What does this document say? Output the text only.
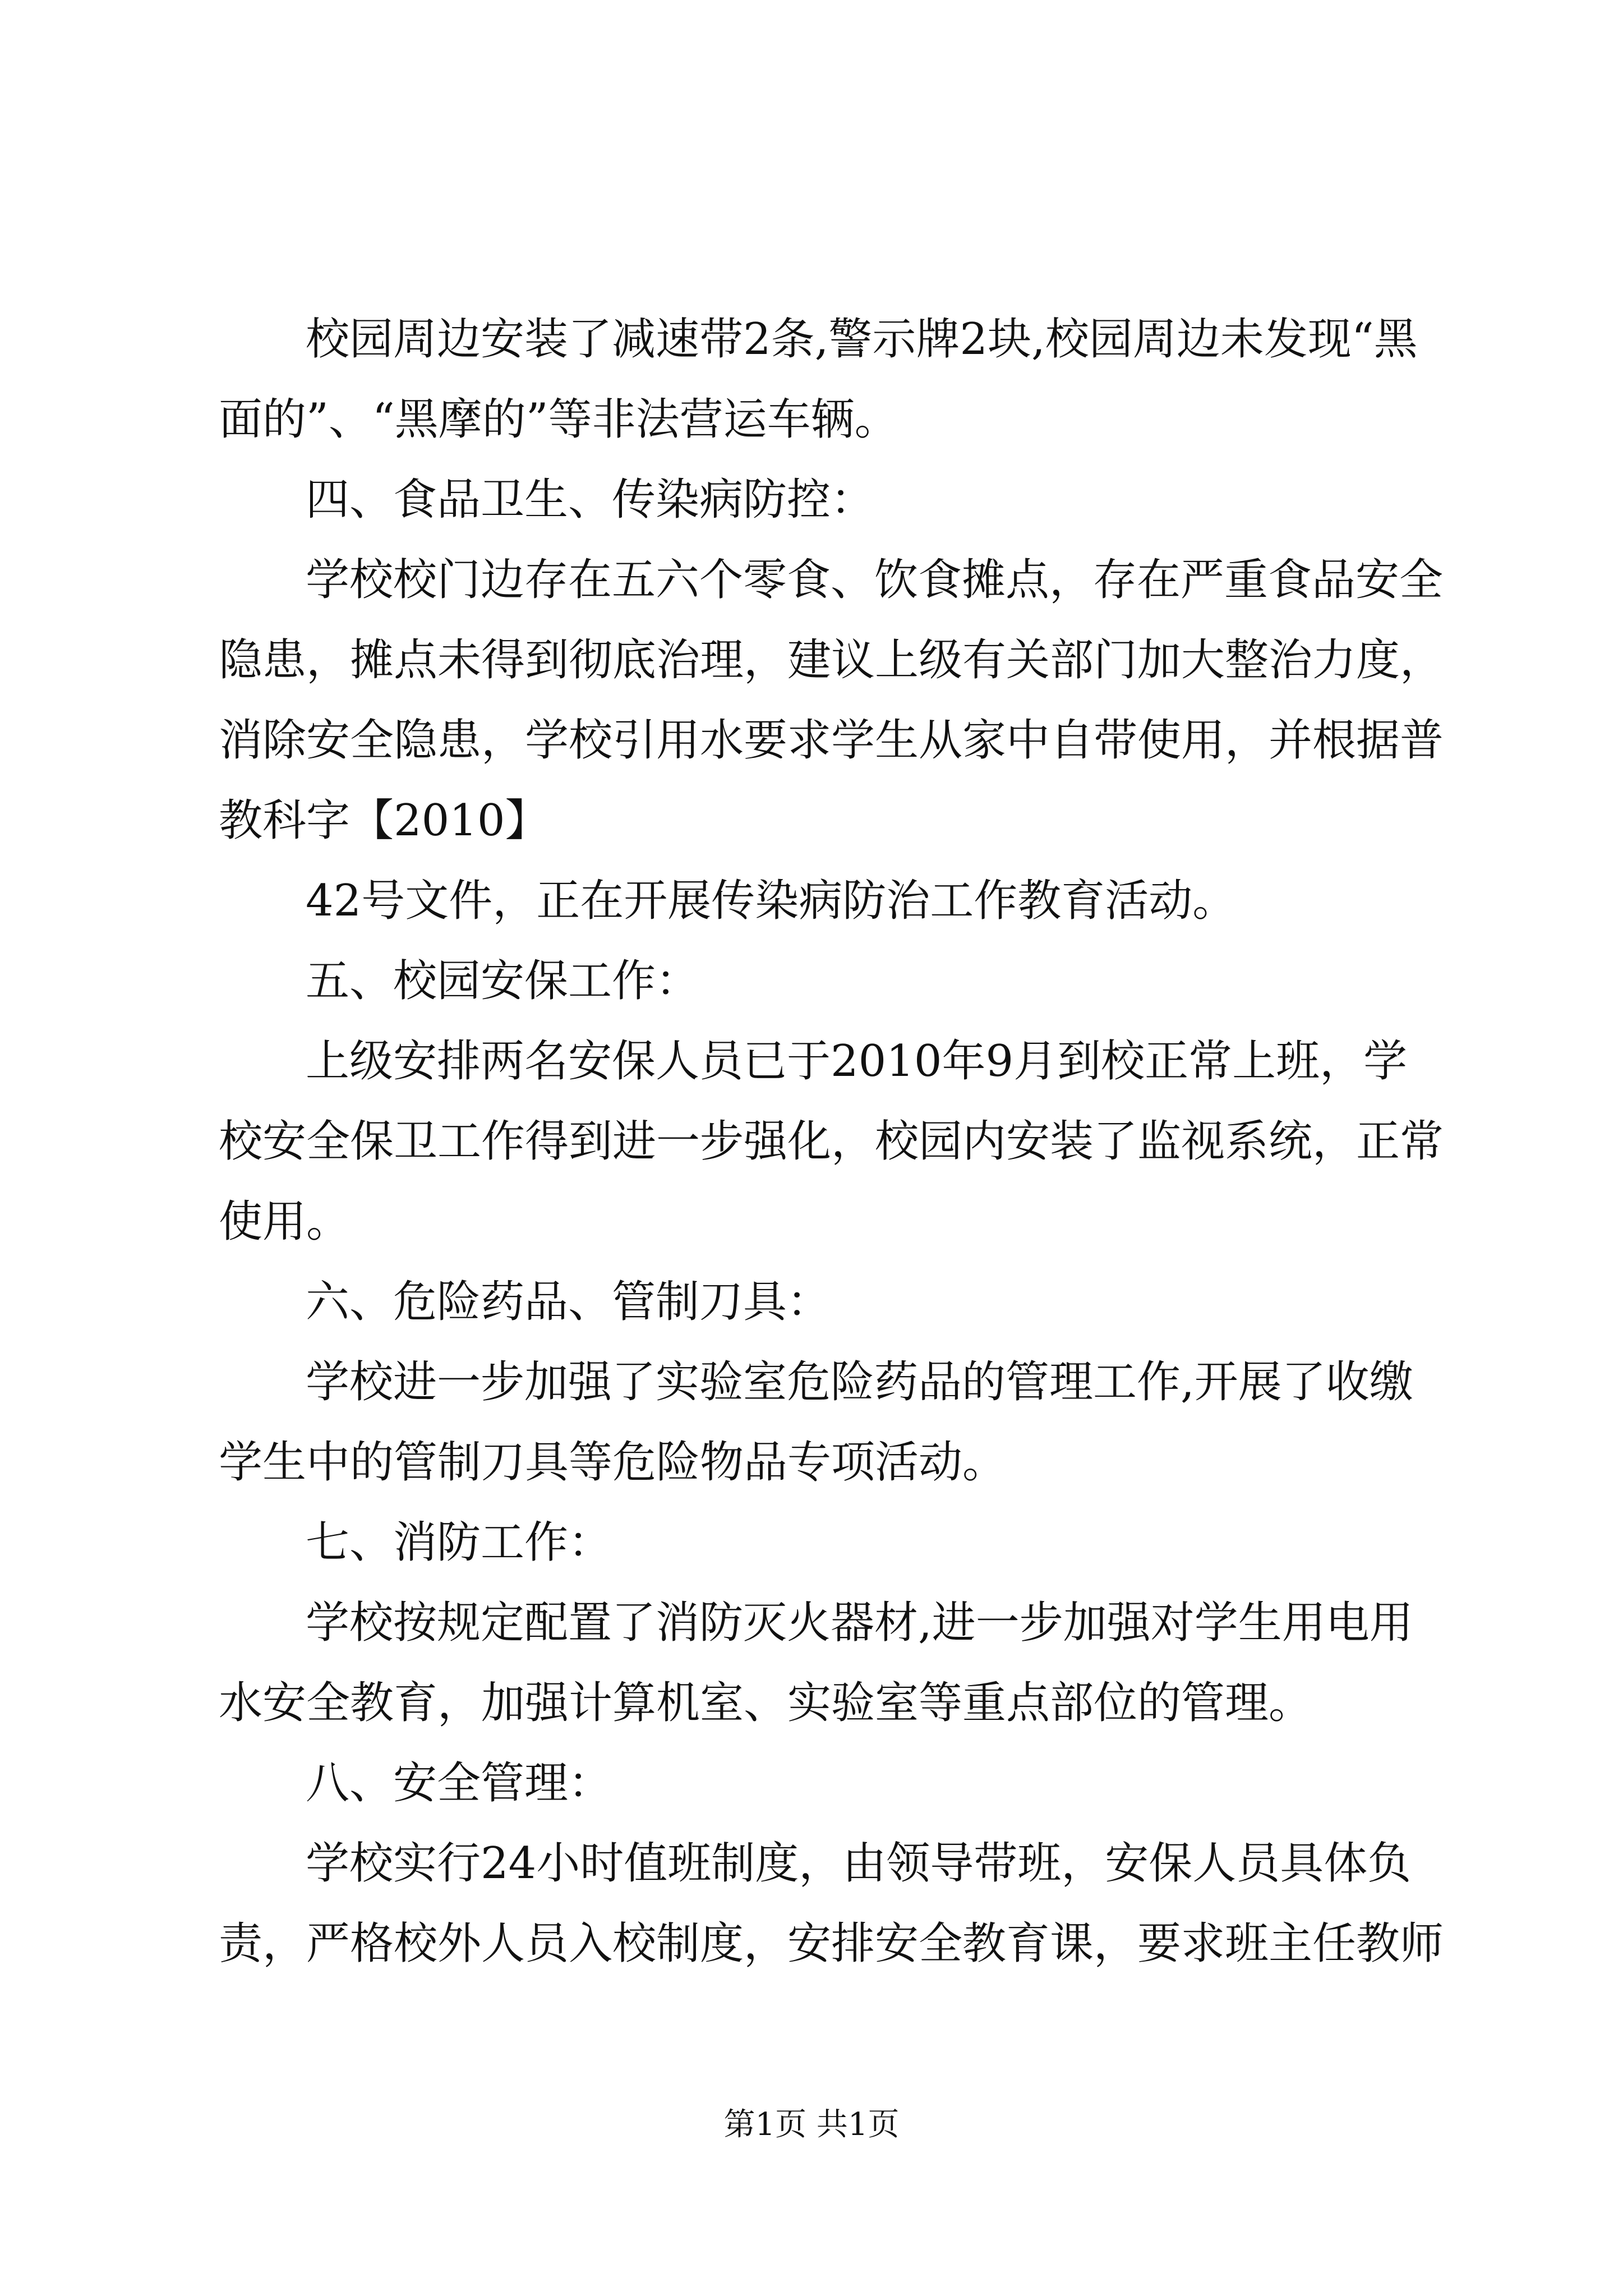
校园周边安装了减速带2条,警示牌2块,校园周边未发现“黑

面的”、“黑摩的”等非法营运车辆。

四、食品卫生、传染病防控：

学校校门边存在五六个零食、饮食摊点，存在严重食品安全

隐患，摊点未得到彻底治理，建议上级有关部门加大整治力度，

消除安全隐患，学校引用水要求学生从家中自带使用，并根据普

教科字【2010】

42号文件，正在开展传染病防治工作教育活动。

五、校园安保工作：

上级安排两名安保人员已于2010年9月到校正常上班，学

校安全保卫工作得到进一步强化，校园内安装了监视系统，正常

使用。

六、危险药品、管制刀具：

学校进一步加强了实验室危险药品的管理工作,开展了收缴

学生中的管制刀具等危险物品专项活动。

七、消防工作：

学校按规定配置了消防灭火器材,进一步加强对学生用电用

水安全教育，加强计算机室、实验室等重点部位的管理。

八、安全管理：

学校实行24小时值班制度，由领导带班，安保人员具体负

责，严格校外人员入校制度，安排安全教育课，要求班主任教师

第1页 共1页
